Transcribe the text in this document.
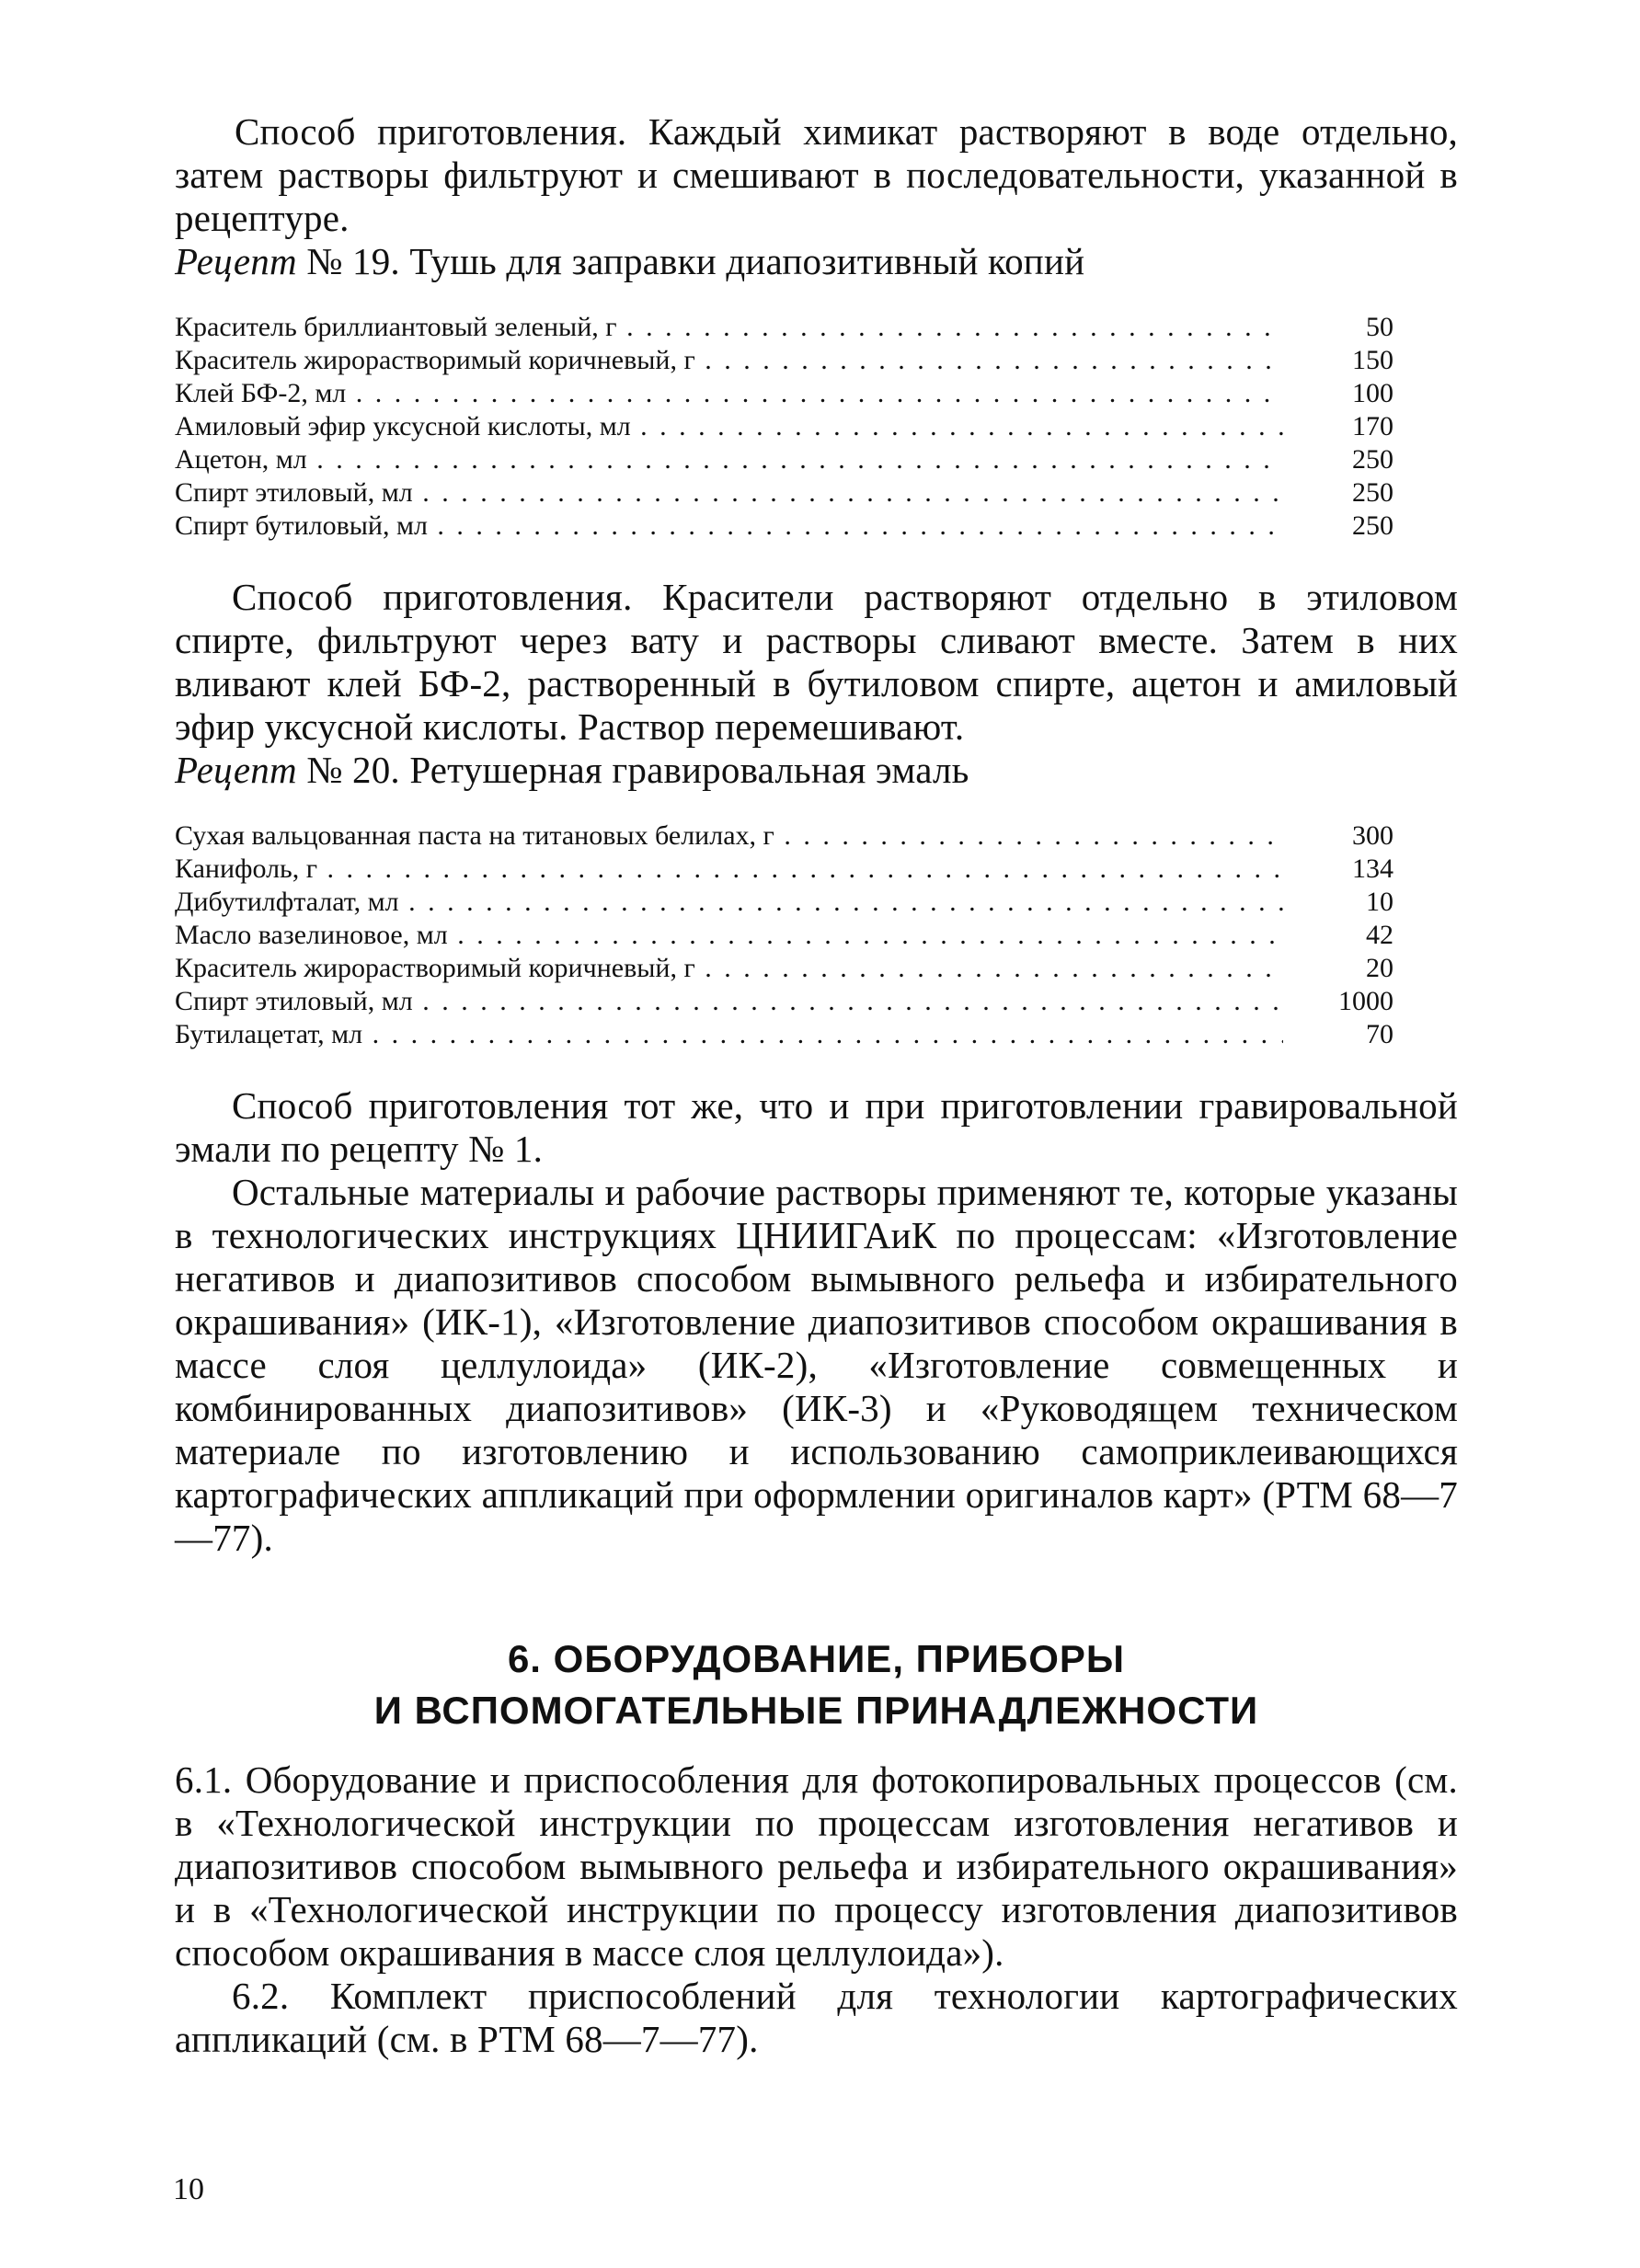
Способ приготовления. Каждый химикат растворяют в воде отдельно, затем растворы фильтруют и смешивают в последовательности, указанной в рецептуре.

Рецепт № 19. Тушь для заправки диапозитивный копий

Краситель бриллиантовый зеленый, г . . .	50
Краситель жирорастворимый коричневый, г . . .	150
Клей БФ-2, мл . . .	100
Амиловый эфир уксусной кислоты, мл . . .	170
Ацетон, мл . . .	250
Спирт этиловый, мл . . .	250
Спирт бутиловый, мл . . .	250

Способ приготовления. Красители растворяют отдельно в этиловом спирте, фильтруют через вату и растворы сливают вместе. Затем в них вливают клей БФ-2, растворенный в бутиловом спирте, ацетон и амиловый эфир уксусной кислоты. Раствор перемешивают.

Рецепт № 20. Ретушерная гравировальная эмаль

Сухая вальцованная паста на титановых белилах, г . . .	300
Канифоль, г . . .	134
Дибутилфталат, мл . . .	10
Масло вазелиновое, мл . . .	42
Краситель жирорастворимый коричневый, г . . .	20
Спирт этиловый, мл . . .	1000
Бутилацетат, мл . . .	70

Способ приготовления тот же, что и при приготовлении гравировальной эмали по рецепту № 1.

Остальные материалы и рабочие растворы применяют те, которые указаны в технологических инструкциях ЦНИИГАиК по процессам: «Изготовление негативов и диапозитивов способом вымывного рельефа и избирательного окрашивания» (ИК-1), «Изготовление диапозитивов способом окрашивания в массе слоя целлулоида» (ИК-2), «Изготовление совмещенных и комбинированных диапозитивов» (ИК-3) и «Руководящем техническом материале по изготовлению и использованию самоприклеивающихся картографических аппликаций при оформлении оригиналов карт» (РТМ 68—7—77).

6. ОБОРУДОВАНИЕ, ПРИБОРЫ
И ВСПОМОГАТЕЛЬНЫЕ ПРИНАДЛЕЖНОСТИ

6.1. Оборудование и приспособления для фотокопировальных процессов (см. в «Технологической инструкции по процессам изготовления негативов и диапозитивов способом вымывного рельефа и избирательного окрашивания» и в «Технологической инструкции по процессу изготовления диапозитивов способом окрашивания в массе слоя целлулоида»).

6.2. Комплект приспособлений для технологии картографических аппликаций (см. в РТМ 68—7—77).

10
